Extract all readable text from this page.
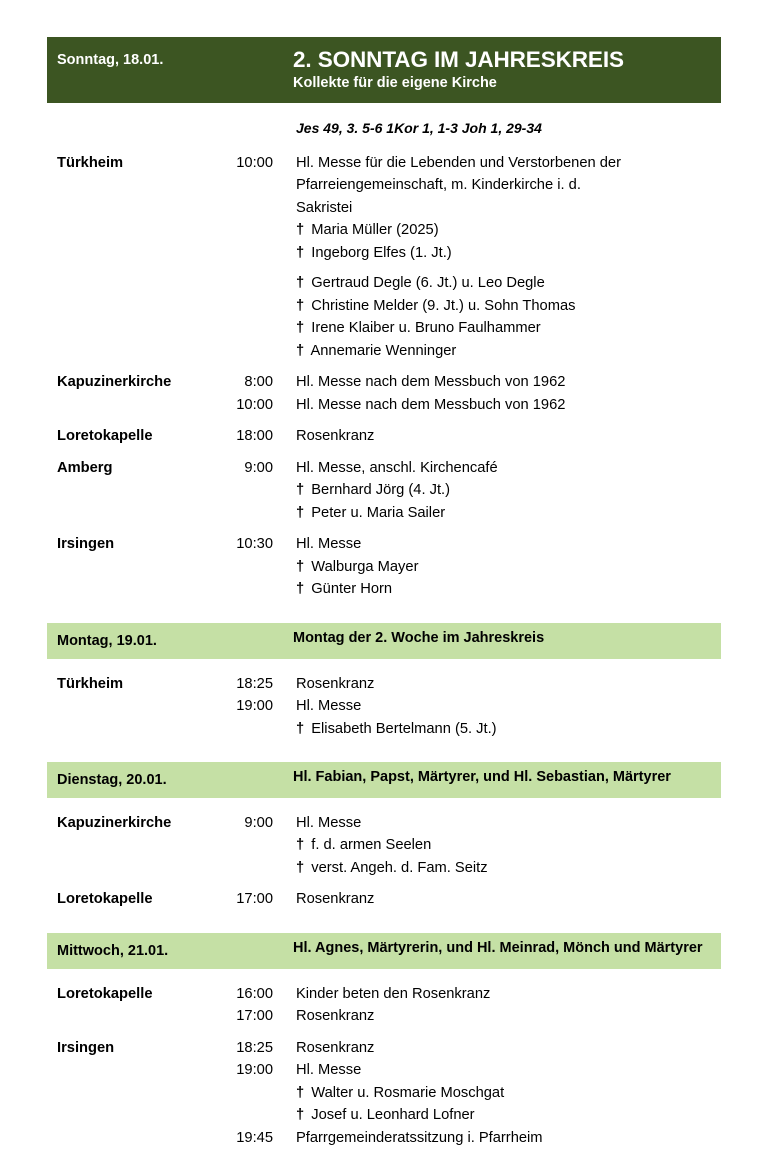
Sonntag, 18.01.	2. SONNTAG IM JAHRESKREIS
Kollekte für die eigene Kirche
Jes 49, 3. 5-6 1Kor 1, 1-3 Joh 1, 29-34
Türkheim	10:00 Hl. Messe für die Lebenden und Verstorbenen der
Pfarreiengemeinschaft, m. Kinderkirche i. d.
Sakristei
† Maria Müller (2025)
† Ingeborg Elfes (1. Jt.)
† Gertraud Degle (6. Jt.) u. Leo Degle
† Christine Melder (9. Jt.) u. Sohn Thomas
† Irene Klaiber u. Bruno Faulhammer
† Annemarie Wenninger
Kapuzinerkirche	8:00 Hl. Messe nach dem Messbuch von 1962
10:00 Hl. Messe nach dem Messbuch von 1962
Loretokapelle	18:00 Rosenkranz
Amberg	9:00 Hl. Messe, anschl. Kirchencafé
† Bernhard Jörg (4. Jt.)
† Peter u. Maria Sailer
Irsingen	10:30 Hl. Messe
† Walburga Mayer
† Günter Horn
Montag, 19.01.	Montag der 2. Woche im Jahreskreis
Türkheim	18:25 Rosenkranz
19:00 Hl. Messe
† Elisabeth Bertelmann (5. Jt.)
Dienstag, 20.01.	Hl. Fabian, Papst, Märtyrer, und Hl. Sebastian, Märtyrer
Kapuzinerkirche	9:00 Hl. Messe
† f. d. armen Seelen
† verst. Angeh. d. Fam. Seitz
Loretokapelle	17:00 Rosenkranz
Mittwoch, 21.01.	Hl. Agnes, Märtyrerin, und Hl. Meinrad, Mönch und Märtyrer
Loretokapelle	16:00 Kinder beten den Rosenkranz
17:00 Rosenkranz
Irsingen	18:25 Rosenkranz
19:00 Hl. Messe
† Walter u. Rosmarie Moschgat
† Josef u. Leonhard Lofner
19:45 Pfarrgemeinderatssitzung i. Pfarrheim
